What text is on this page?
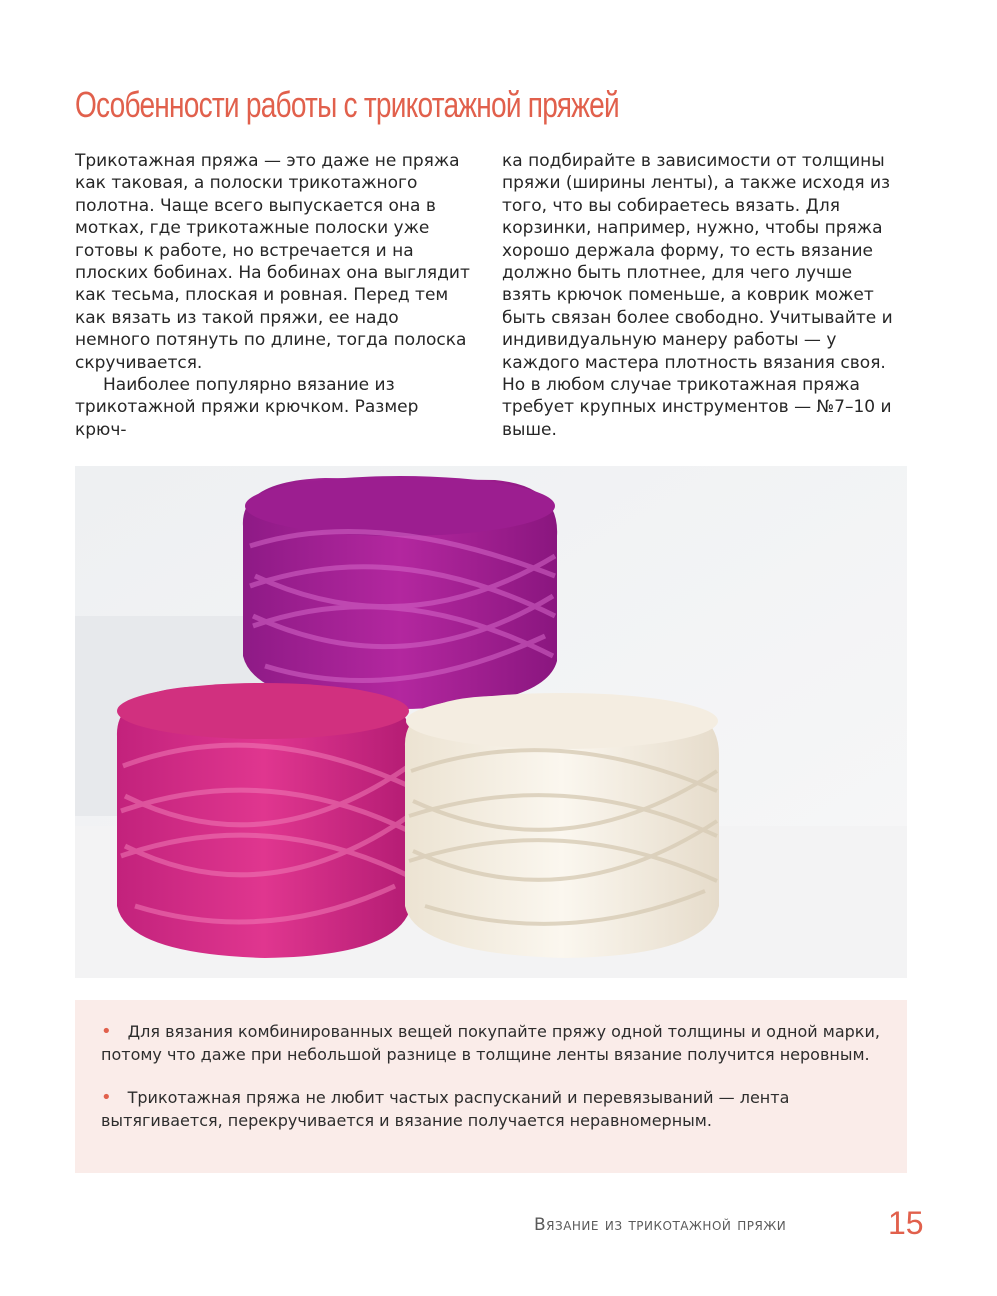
Особенности работы с трикотажной пряжей

Трикотажная пряжа — это даже не пряжа как таковая, а полоски трикотажного полотна. Чаще всего выпускается она в мотках, где трикотажные полоски уже готовы к работе, но встречается и на плоских бобинах. На бобинах она выглядит как тесьма, плоская и ровная. Перед тем как вязать из такой пряжи, ее надо немного потянуть по длине, тогда полоска скручивается.

Наиболее популярно вязание из трикотажной пряжи крючком. Размер крюч-

ка подбирайте в зависимости от толщины пряжи (ширины ленты), а также исходя из того, что вы собираетесь вязать. Для корзинки, например, нужно, чтобы пряжа хорошо держала форму, то есть вязание должно быть плотнее, для чего лучше взять крючок поменьше, а коврик может быть связан более свободно. Учитывайте и индивидуальную манеру работы — у каждого мастера плотность вязания своя. Но в любом случае трикотажная пряжа требует крупных инструментов — №7–10 и выше.

• Для вязания комбинированных вещей покупайте пряжу одной толщины и одной марки, потому что даже при небольшой разнице в толщине ленты вязание получится неровным.
• Трикотажная пряжа не любит частых распусканий и перевязываний — лента вытягивается, перекручивается и вязание получается неравномерным.
Вязание из трикотажной пряжи	15
